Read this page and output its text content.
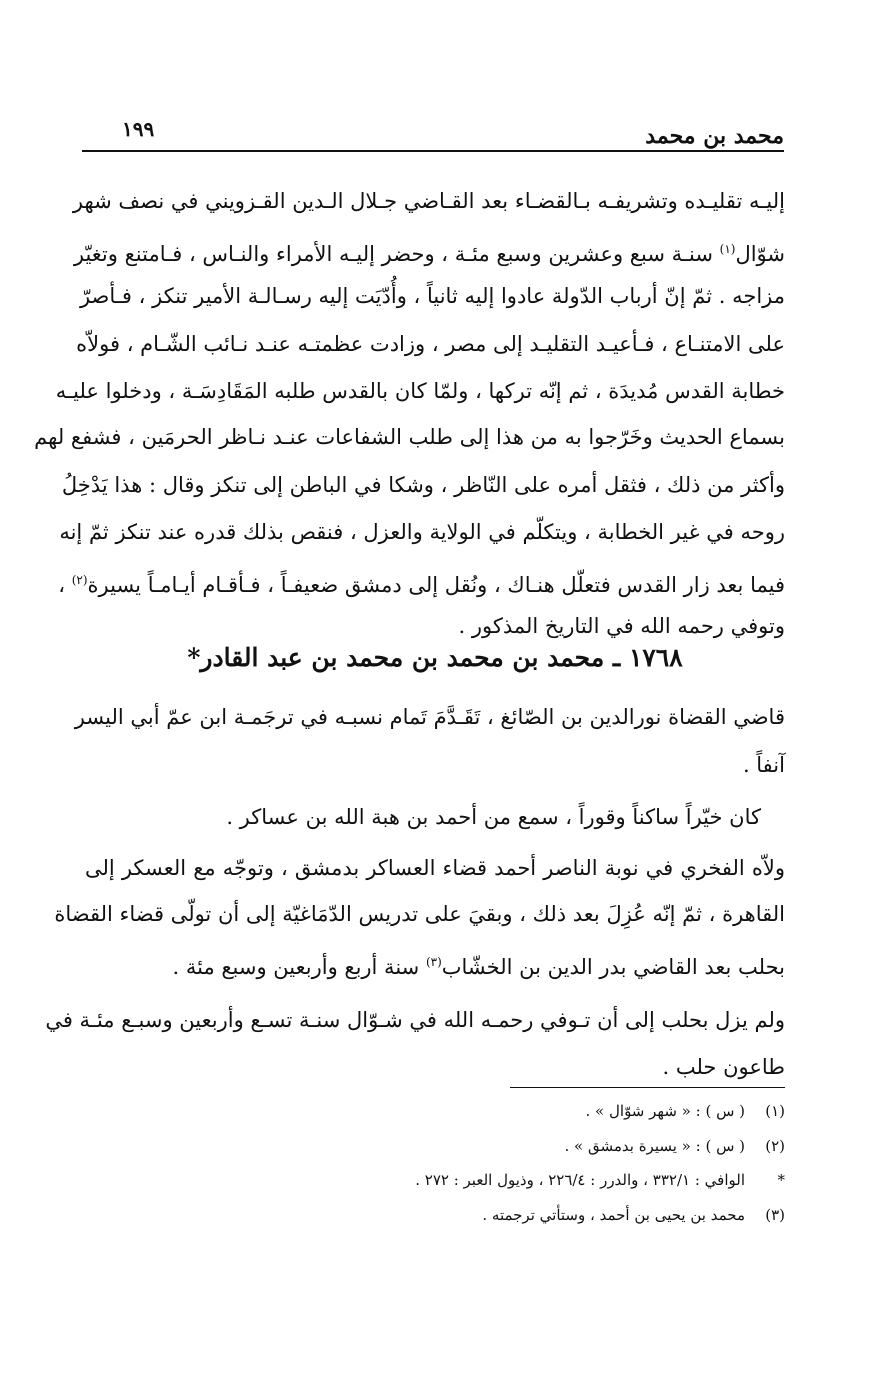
محمد بن محمد
١٩٩
إليـه تقليـده وتشريفـه بـالقضـاء بعد القـاضي جـلال الـدين القـزويني في نصف شهر
شوّال$^{(١)}$ سنـة سبع وعشرين وسبع مئـة ، وحضر إليـه الأمراء والنـاس ، فـامتنع وتغيّر
مزاجه . ثمّ إنّ أرباب الدّولة عادوا إليه ثانياً ، وأُدّيَت إليه رسـالـة الأمير تنكز ، فـأصرّ
على الامتنـاع ، فـأعيـد التقليـد إلى مصر ، وزادت عظمتـه عنـد نـائب الشّـام ، فولاّه
خطابة القدس مُديدَة ، ثم إنّه تركها ، ولمّا كان بالقدس طلبه المَقَادِسَـة ، ودخلوا عليـه
بسماع الحديث وخَرّجوا به من هذا إلى طلب الشفاعات عنـد نـاظر الحرمَين ، فشفع لهم
وأكثر من ذلك ، فثقل أمره على النّاظر ، وشكا في الباطن إلى تنكز وقال : هذا يَدْخِلُ
روحه في غير الخطابة ، ويتكلّم في الولاية والعزل ، فنقص بذلك قدره عند تنكز ثمّ إنه
فيما بعد زار القدس فتعلّل هنـاك ، ونُقل إلى دمشق ضعيفـاً ، فـأقـام أيـامـاً يسيرة$^{(٢)}$ ،
وتوفي رحمه الله في التاريخ المذكور .
١٧٦٨ ـ محمد بن محمد بن محمد بن عبد القادر*
قاضي القضاة نورالدين بن الصّائغ ، تَقَـدَّمَ تَمام نسبـه في ترجَمـة ابن عمّ أبي اليسر
آنفاً .
كان خيّراً ساكناً وقوراً ، سمع من أحمد بن هبة الله بن عساكر .
ولاّه الفخري في نوبة الناصر أحمد قضاء العساكر بدمشق ، وتوجّه مع العسكر إلى
القاهرة ، ثمّ إنّه عُزِلَ بعد ذلك ، وبقيَ على تدريس الدّمَاغيّة إلى أن تولّى قضاء القضاة
بحلب بعد القاضي بدر الدين بن الخشّاب$^{(٣)}$ سنة أربع وأربعين وسبع مئة .
ولم يزل بحلب إلى أن تـوفي رحمـه الله في شـوّال سنـة تسـع وأربعين وسبـع مئـة في
طاعون حلب .
(١)( س ) : « شهر شوّال » .
(٢)( س ) : « يسيرة بدمشق » .
*الوافي : ٣٣٢/١ ، والدرر : ٢٢٦/٤ ، وذيول العبر : ٢٧٢ .
(٣)محمد بن يحيى بن أحمد ، وستأتي ترجمته .
